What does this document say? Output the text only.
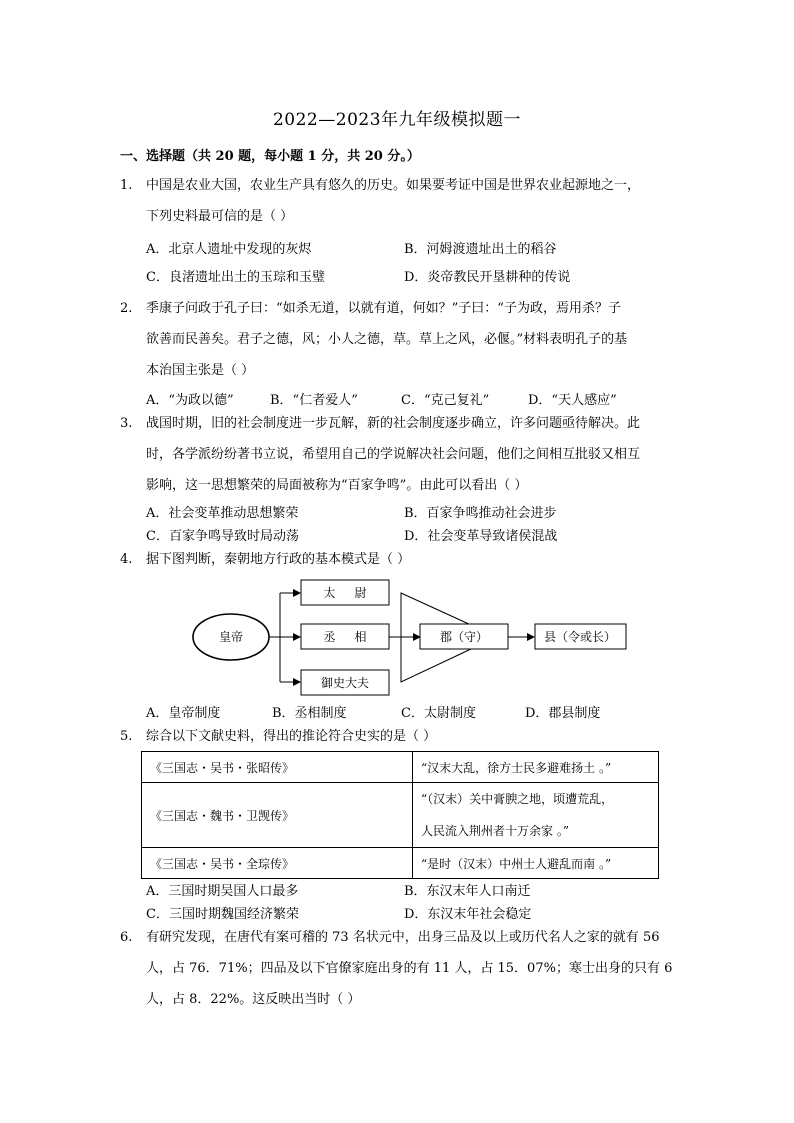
2022—2023年九年级模拟题一
一、选择题（共 20 题，每小题 1 分，共 20 分。）
1.	中国是农业大国，农业生产具有悠久的历史。如果要考证中国是世界农业起源地之一，
下列史料最可信的是（ ）
A．北京人遗址中发现的灰烬	B．河姆渡遗址出土的稻谷
C．良渚遗址出土的玉琮和玉璧	D．炎帝教民开垦耕种的传说
2.	季康子问政于孔子曰：“如杀无道，以就有道，何如？”子曰：“子为政，焉用杀？子
欲善而民善矣。君子之德，风；小人之德，草。草上之风，必偃。”材料表明孔子的基
本治国主张是（ ）
A．“为政以德”	B．“仁者爱人”	C．“克己复礼”	D．“天人感应”
3.	战国时期，旧的社会制度进一步瓦解，新的社会制度逐步确立，许多问题亟待解决。此
时，各学派纷纷著书立说，希望用自己的学说解决社会问题，他们之间相互批驳又相互
影响，这一思想繁荣的局面被称为“百家争鸣”。由此可以看出（ ）
A．社会变革推动思想繁荣	B．百家争鸣推动社会进步
C．百家争鸣导致时局动荡	D．社会变革导致诸侯混战
4.	据下图判断，秦朝地方行政的基本模式是（ ）
皇帝
太     尉
丞     相
御史大夫
郡（守）	县（令或长）
A．皇帝制度	B．丞相制度	C．太尉制度	D．郡县制度
5.	综合以下文献史料，得出的推论符合史实的是（ ）
《三国志・吴书・张昭传》	“汉末大乱，徐方士民多避难扬土 。”
《三国志・魏书・卫觊传》	“（汉末）关中膏腴之地，顷遭荒乱，
人民流入荆州者十万余家 。”

《三国志・吴书・全琮传》	“是时（汉末）中州士人避乱而南 。”
A．三国时期吴国人口最多	B．东汉末年人口南迁
C．三国时期魏国经济繁荣	D．东汉末年社会稳定
6.	有研究发现，在唐代有案可稽的 73 名状元中，出身三品及以上或历代名人之家的就有 56
人，占 76．71%；四品及以下官僚家庭出身的有 11 人，占 15．07%；寒士出身的只有 6
人，占 8．22%。这反映出当时（ ）
